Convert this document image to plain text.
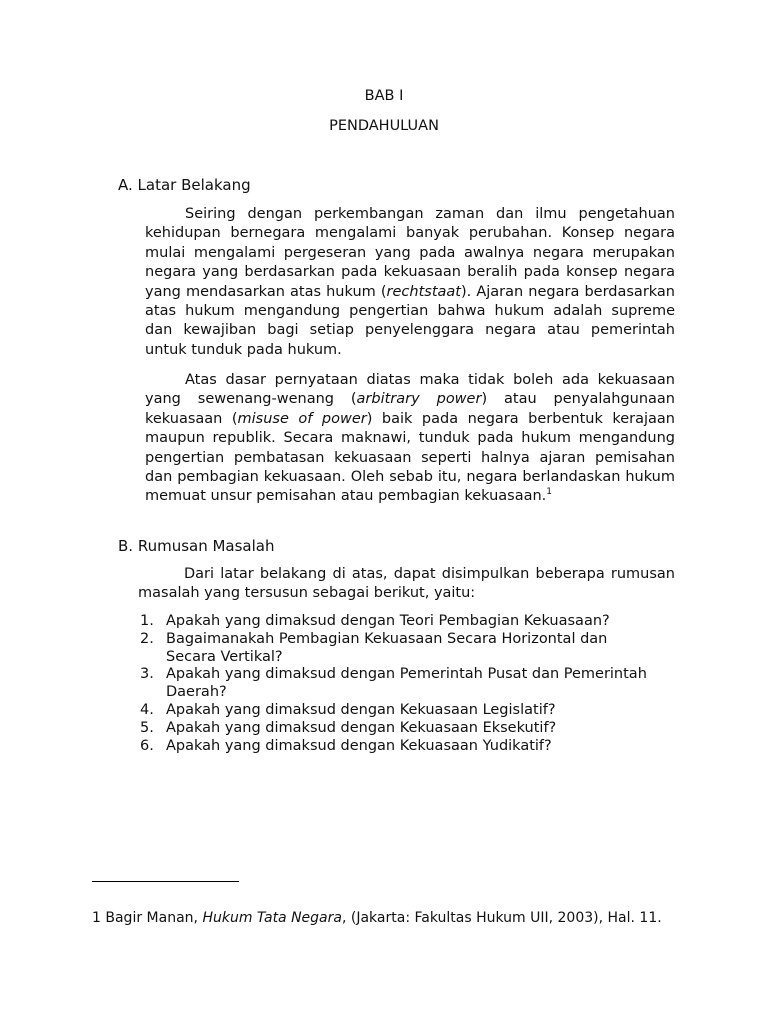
BAB I
PENDAHULUAN
A. Latar Belakang

Seiring dengan perkembangan zaman dan ilmu pengetahuan kehidupan bernegara mengalami banyak perubahan. Konsep negara mulai mengalami pergeseran yang pada awalnya negara merupakan negara yang berdasarkan pada kekuasaan beralih pada konsep negara yang mendasarkan atas hukum (rechtstaat). Ajaran negara berdasarkan atas hukum mengandung pengertian bahwa hukum adalah supreme dan kewajiban bagi setiap penyelenggara negara atau pemerintah untuk tunduk pada hukum.

Atas dasar pernyataan diatas maka tidak boleh ada kekuasaan yang sewenang-wenang (arbitrary power) atau penyalahgunaan kekuasaan (misuse of power) baik pada negara berbentuk kerajaan maupun republik. Secara maknawi, tunduk pada hukum mengandung pengertian pembatasan kekuasaan seperti halnya ajaran pemisahan dan pembagian kekuasaan. Oleh sebab itu, negara berlandaskan hukum memuat unsur pemisahan atau pembagian kekuasaan.$^1$

B. Rumusan Masalah

Dari latar belakang di atas, dapat disimpulkan beberapa rumusan masalah yang tersusun sebagai berikut, yaitu:

1. Apakah yang dimaksud dengan Teori Pembagian Kekuasaan?
2. Bagaimanakah Pembagian Kekuasaan Secara Horizontal dan Secara Vertikal?
3. Apakah yang dimaksud dengan Pemerintah Pusat dan Pemerintah Daerah?
4. Apakah yang dimaksud dengan Kekuasaan Legislatif?
5. Apakah yang dimaksud dengan Kekuasaan Eksekutif?
6. Apakah yang dimaksud dengan Kekuasaan Yudikatif?
1 Bagir Manan, Hukum Tata Negara, (Jakarta: Fakultas Hukum UII, 2003), Hal. 11.
